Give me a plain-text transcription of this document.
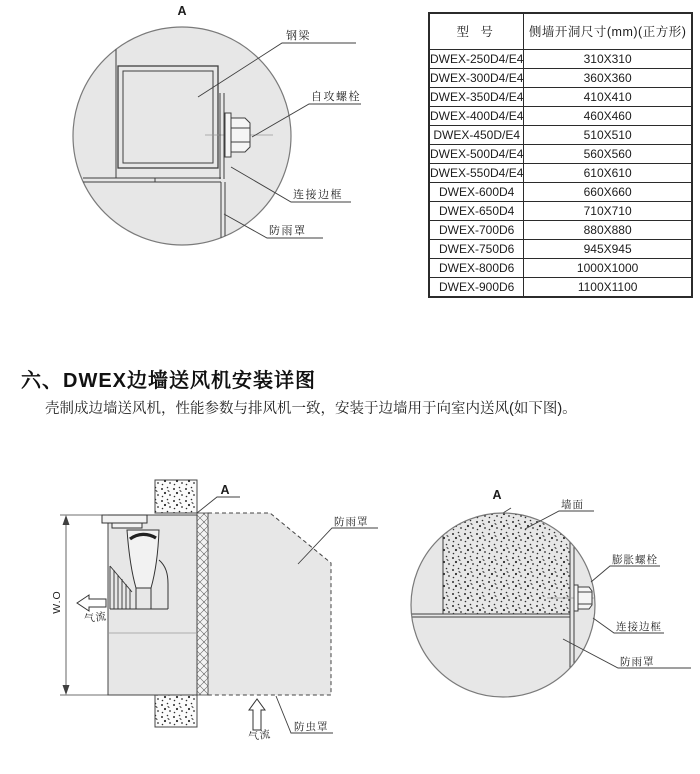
A
钢梁
自攻螺栓
连接边框
防雨罩
型 号	侧墙开洞尺寸(mm)(正方形)
DWEX-250D4/E4	310X310
DWEX-300D4/E4	360X360
DWEX-350D4/E4	410X410
DWEX-400D4/E4	460X460
DWEX-450D/E4	510X510
DWEX-500D4/E4	560X560
DWEX-550D4/E4	610X610
DWEX-600D4	660X660
DWEX-650D4	710X710
DWEX-700D6	880X880
DWEX-750D6	945X945
DWEX-800D6	1000X1000
DWEX-900D6	1100X1100
六、DWEX边墙送风机安装详图

壳制成边墙送风机，性能参数与排风机一致，安装于边墙用于向室内送风(如下图)。

W.O
A
防雨罩
气流
气流
防虫罩
A
墙面
膨胀螺栓
连接边框
防雨罩
